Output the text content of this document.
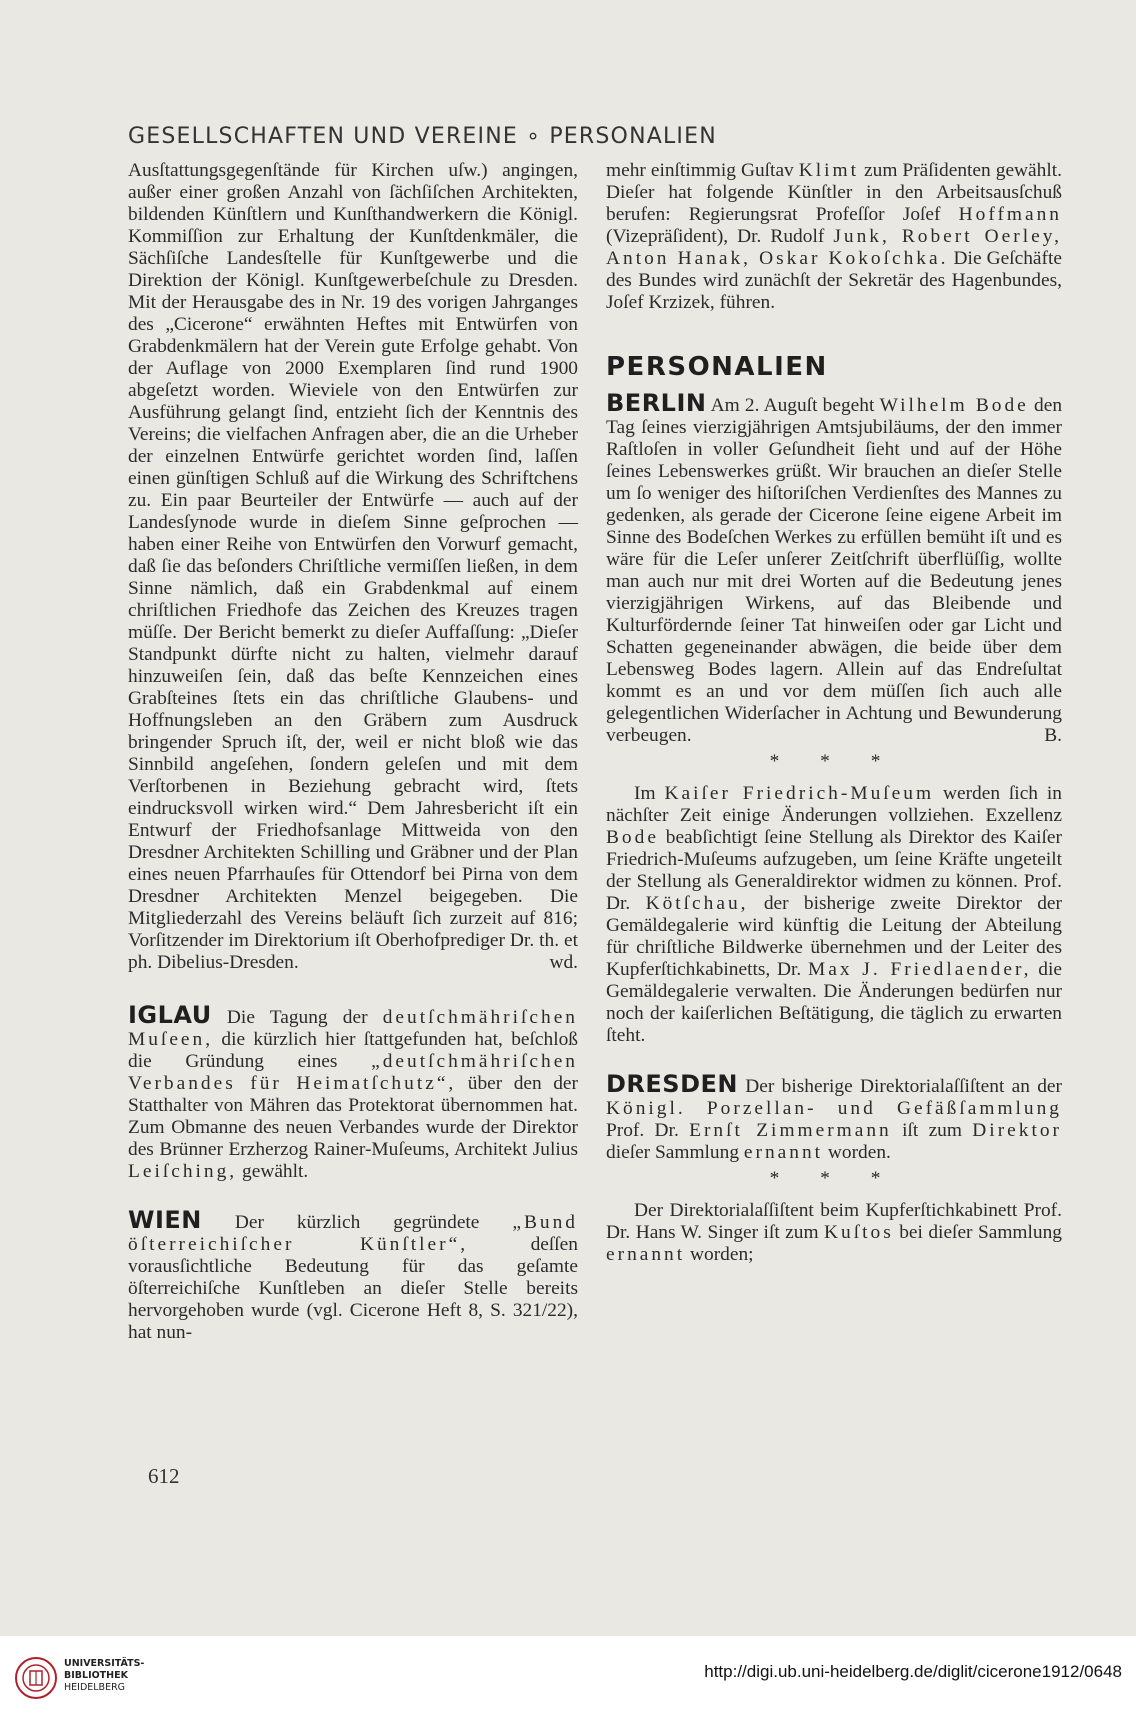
GESELLSCHAFTEN UND VEREINE ∘ PERSONALIEN

Ausſtattungsgegenſtände für Kirchen uſw.) angingen, außer einer großen Anzahl von ſächſiſchen Architekten, bildenden Künſtlern und Kunſthandwerkern die Königl. Kommiſſion zur Erhaltung der Kunſtdenkmäler, die Sächſiſche Landesſtelle für Kunſtgewerbe und die Direktion der Königl. Kunſtgewerbeſchule zu Dresden. Mit der Herausgabe des in Nr. 19 des vorigen Jahrganges des „Cicerone“ erwähnten Heftes mit Entwürfen von Grabdenkmälern hat der Verein gute Erfolge gehabt. Von der Auflage von 2000 Exemplaren ſind rund 1900 abgeſetzt worden. Wieviele von den Entwürfen zur Ausführung gelangt ſind, entzieht ſich der Kenntnis des Vereins; die vielfachen Anfragen aber, die an die Urheber der einzelnen Entwürfe gerichtet worden ſind, laſſen einen günſtigen Schluß auf die Wirkung des Schriftchens zu. Ein paar Beurteiler der Entwürfe — auch auf der Landesſynode wurde in dieſem Sinne geſprochen — haben einer Reihe von Entwürfen den Vorwurf gemacht, daß ſie das beſonders Chriſtliche vermiſſen ließen, in dem Sinne nämlich, daß ein Grabdenkmal auf einem chriſtlichen Friedhofe das Zeichen des Kreuzes tragen müſſe. Der Bericht bemerkt zu dieſer Auffaſſung: „Dieſer Standpunkt dürfte nicht zu halten, vielmehr darauf hinzuweiſen ſein, daß das beſte Kennzeichen eines Grabſteines ſtets ein das chriſtliche Glaubens- und Hoffnungsleben an den Gräbern zum Ausdruck bringender Spruch iſt, der, weil er nicht bloß wie das Sinnbild angeſehen, ſondern geleſen und mit dem Verſtorbenen in Beziehung gebracht wird, ſtets eindrucksvoll wirken wird.“ Dem Jahresbericht iſt ein Entwurf der Friedhofsanlage Mittweida von den Dresdner Architekten Schilling und Gräbner und der Plan eines neuen Pfarrhauſes für Ottendorf bei Pirna von dem Dresdner Architekten Menzel beigegeben. Die Mitgliederzahl des Vereins beläuft ſich zurzeit auf 816; Vorſitzender im Direktorium iſt Oberhofprediger Dr. th. et ph. Dibelius-Dresden.	wd.

IGLAU Die Tagung der deutſchmähriſchen Muſeen, die kürzlich hier ſtattgefunden hat, beſchloß die Gründung eines „deutſchmähriſchen Verbandes für Heimatſchutz“, über den der Statthalter von Mähren das Protektorat übernommen hat. Zum Obmanne des neuen Verbandes wurde der Direktor des Brünner Erzherzog Rainer-Muſeums, Architekt Julius Leiſching, gewählt.

WIEN Der kürzlich gegründete „Bund öſterreichiſcher Künſtler“,	deſſen vorausſichtliche Bedeutung für das geſamte öſterreichiſche Kunſtleben an dieſer Stelle bereits hervorgehoben wurde (vgl. Cicerone Heft 8, S. 321/22), hat nun-

mehr einſtimmig Guſtav Klimt zum Präſidenten gewählt. Dieſer hat folgende Künſtler in den Arbeitsausſchuß berufen: Regierungsrat Profeſſor Joſef Hoffmann (Vizepräſident), Dr. Rudolf Junk, Robert Oerley, Anton Hanak, Oskar Kokoſchka. Die Geſchäfte des Bundes wird zunächſt der Sekretär des Hagenbundes, Joſef Krzizek, führen.

PERSONALIEN

BERLIN Am 2. Auguſt begeht Wilhelm Bode den Tag ſeines vierzigjährigen Amtsjubiläums, der den immer Raſtloſen in voller Geſundheit ſieht und auf der Höhe ſeines Lebenswerkes grüßt. Wir brauchen an dieſer Stelle um ſo weniger des hiſtoriſchen Verdienſtes des Mannes zu gedenken, als gerade der Cicerone ſeine eigene Arbeit im Sinne des Bodeſchen Werkes zu erfüllen bemüht iſt und es wäre für die Leſer unſerer Zeitſchrift überflüſſig, wollte man auch nur mit drei Worten auf die Bedeutung jenes vierzigjährigen Wirkens, auf das Bleibende und Kulturfördernde ſeiner Tat hinweiſen oder gar Licht und Schatten gegeneinander abwägen, die beide über dem Lebensweg Bodes lagern. Allein auf das Endreſultat kommt es an und vor dem müſſen ſich auch alle gelegentlichen Widerſacher in Achtung und Bewunderung verbeugen.	B.

* * *

Im Kaiſer Friedrich-Muſeum werden ſich in nächſter Zeit einige Änderungen vollziehen. Exzellenz Bode beabſichtigt ſeine Stellung als Direktor des Kaiſer Friedrich-Muſeums aufzugeben, um ſeine Kräfte ungeteilt der Stellung als Generaldirektor widmen zu können. Prof. Dr. Kötſchau, der bisherige zweite Direktor der Gemäldegalerie wird künftig die Leitung der Abteilung für chriſtliche Bildwerke übernehmen und der Leiter des Kupferſtichkabinetts, Dr. Max J. Friedlaender, die Gemäldegalerie verwalten. Die Änderungen bedürfen nur noch der kaiſerlichen Beſtätigung, die täglich zu erwarten ſteht.

DRESDEN Der bisherige Direktorialaſſiſtent an der Königl. Porzellan- und Gefäßſammlung Prof. Dr. Ernſt Zimmermann iſt zum Direktor dieſer Sammlung ernannt worden.

* * *

Der Direktorialaſſiſtent beim Kupferſtichkabinett Prof. Dr. Hans W. Singer iſt zum Kuſtos bei dieſer Sammlung ernannt worden;

612
UNIVERSITÄTS-
BIBLIOTHEK
HEIDELBERG
http://digi.ub.uni-heidelberg.de/diglit/cicerone1912/0648
